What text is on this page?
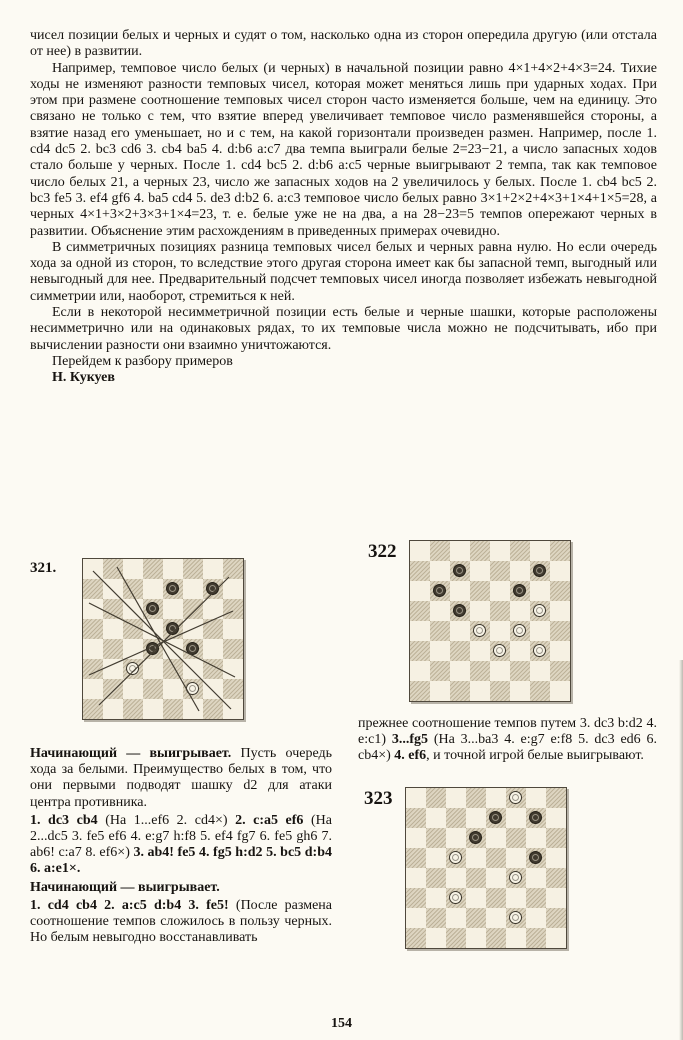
чисел позиции белых и черных и судят о том, насколько одна из сторон опередила другую (или отстала от нее) в развитии.

Например, темповое число белых (и черных) в начальной позиции равно 4×1+4×2+4×3=24. Тихие ходы не изменяют разности темповых чисел, которая может меняться лишь при ударных ходах. При этом при размене соотношение темповых чисел сторон часто изменяется больше, чем на единицу. Это связано не только с тем, что взятие вперед увеличивает темповое число разменявшейся стороны, а взятие назад его уменьшает, но и с тем, на какой горизонтали произведен размен. Например, после 1. cd4 dc5 2. bc3 cd6 3. cb4 ba5 4. d:b6 a:c7 два темпа выиграли белые 2=23−21, а число запасных ходов стало больше у черных. После 1. cd4 bc5 2. d:b6 a:c5 черные выигрывают 2 темпа, так как темповое число белых 21, а черных 23, число же запасных ходов на 2 увеличилось у белых. После 1. cb4 bc5 2. bc3 fe5 3. ef4 gf6 4. ba5 cd4 5. de3 d:b2 6. a:c3 темповое число белых равно 3×1+2×2+4×3+1×4+1×5=28, а черных 4×1+3×2+3×3+1×4=23, т. е. белые уже не на два, а на 28−23=5 темпов опережают черных в развитии. Объяснение этим расхождениям в приведенных примерах очевидно.

В симметричных позициях разница темповых чисел белых и черных равна нулю. Но если очередь хода за одной из сторон, то вследствие этого другая сторона имеет как бы запасной темп, выгодный или невыгодный для нее. Предварительный подсчет темповых чисел иногда позволяет избежать невыгодной симметрии или, наоборот, стремиться к ней.

Если в некоторой несимметричной позиции есть белые и черные шашки, которые расположены несимметрично или на одинаковых рядах, то их темповые числа можно не подсчитывать, ибо при вычислении разности они взаимно уничтожаются.

Перейдем к разбору примеров

Н. Кукуев

321.

Начинающий — выигрывает. Пусть очередь хода за белыми. Преимущество белых в том, что они первыми подводят шашку d2 для атаки центра противника.

1. dc3 cb4 (На 1...ef6 2. cd4×) 2. c:a5 ef6 (На 2...dc5 3. fe5 ef6 4. e:g7 h:f8 5. ef4 fg7 6. fe5 gh6 7. ab6! c:a7 8. ef6×) 3. ab4! fe5 4. fg5 h:d2 5. bc5 d:b4 6. a:e1×.

Начинающий — выигрывает.

1. cd4 cb4 2. a:c5 d:b4 3. fe5! (После размена соотношение темпов сложилось в пользу черных. Но белым невыгодно восстанавливать

322

прежнее соотношение темпов путем 3. dc3 b:d2 4. e:c1) 3...fg5 (На 3...ba3 4. e:g7 e:f8 5. dc3 ed6 6. cb4×) 4. ef6, и точной игрой белые выигрывают.

323
154
